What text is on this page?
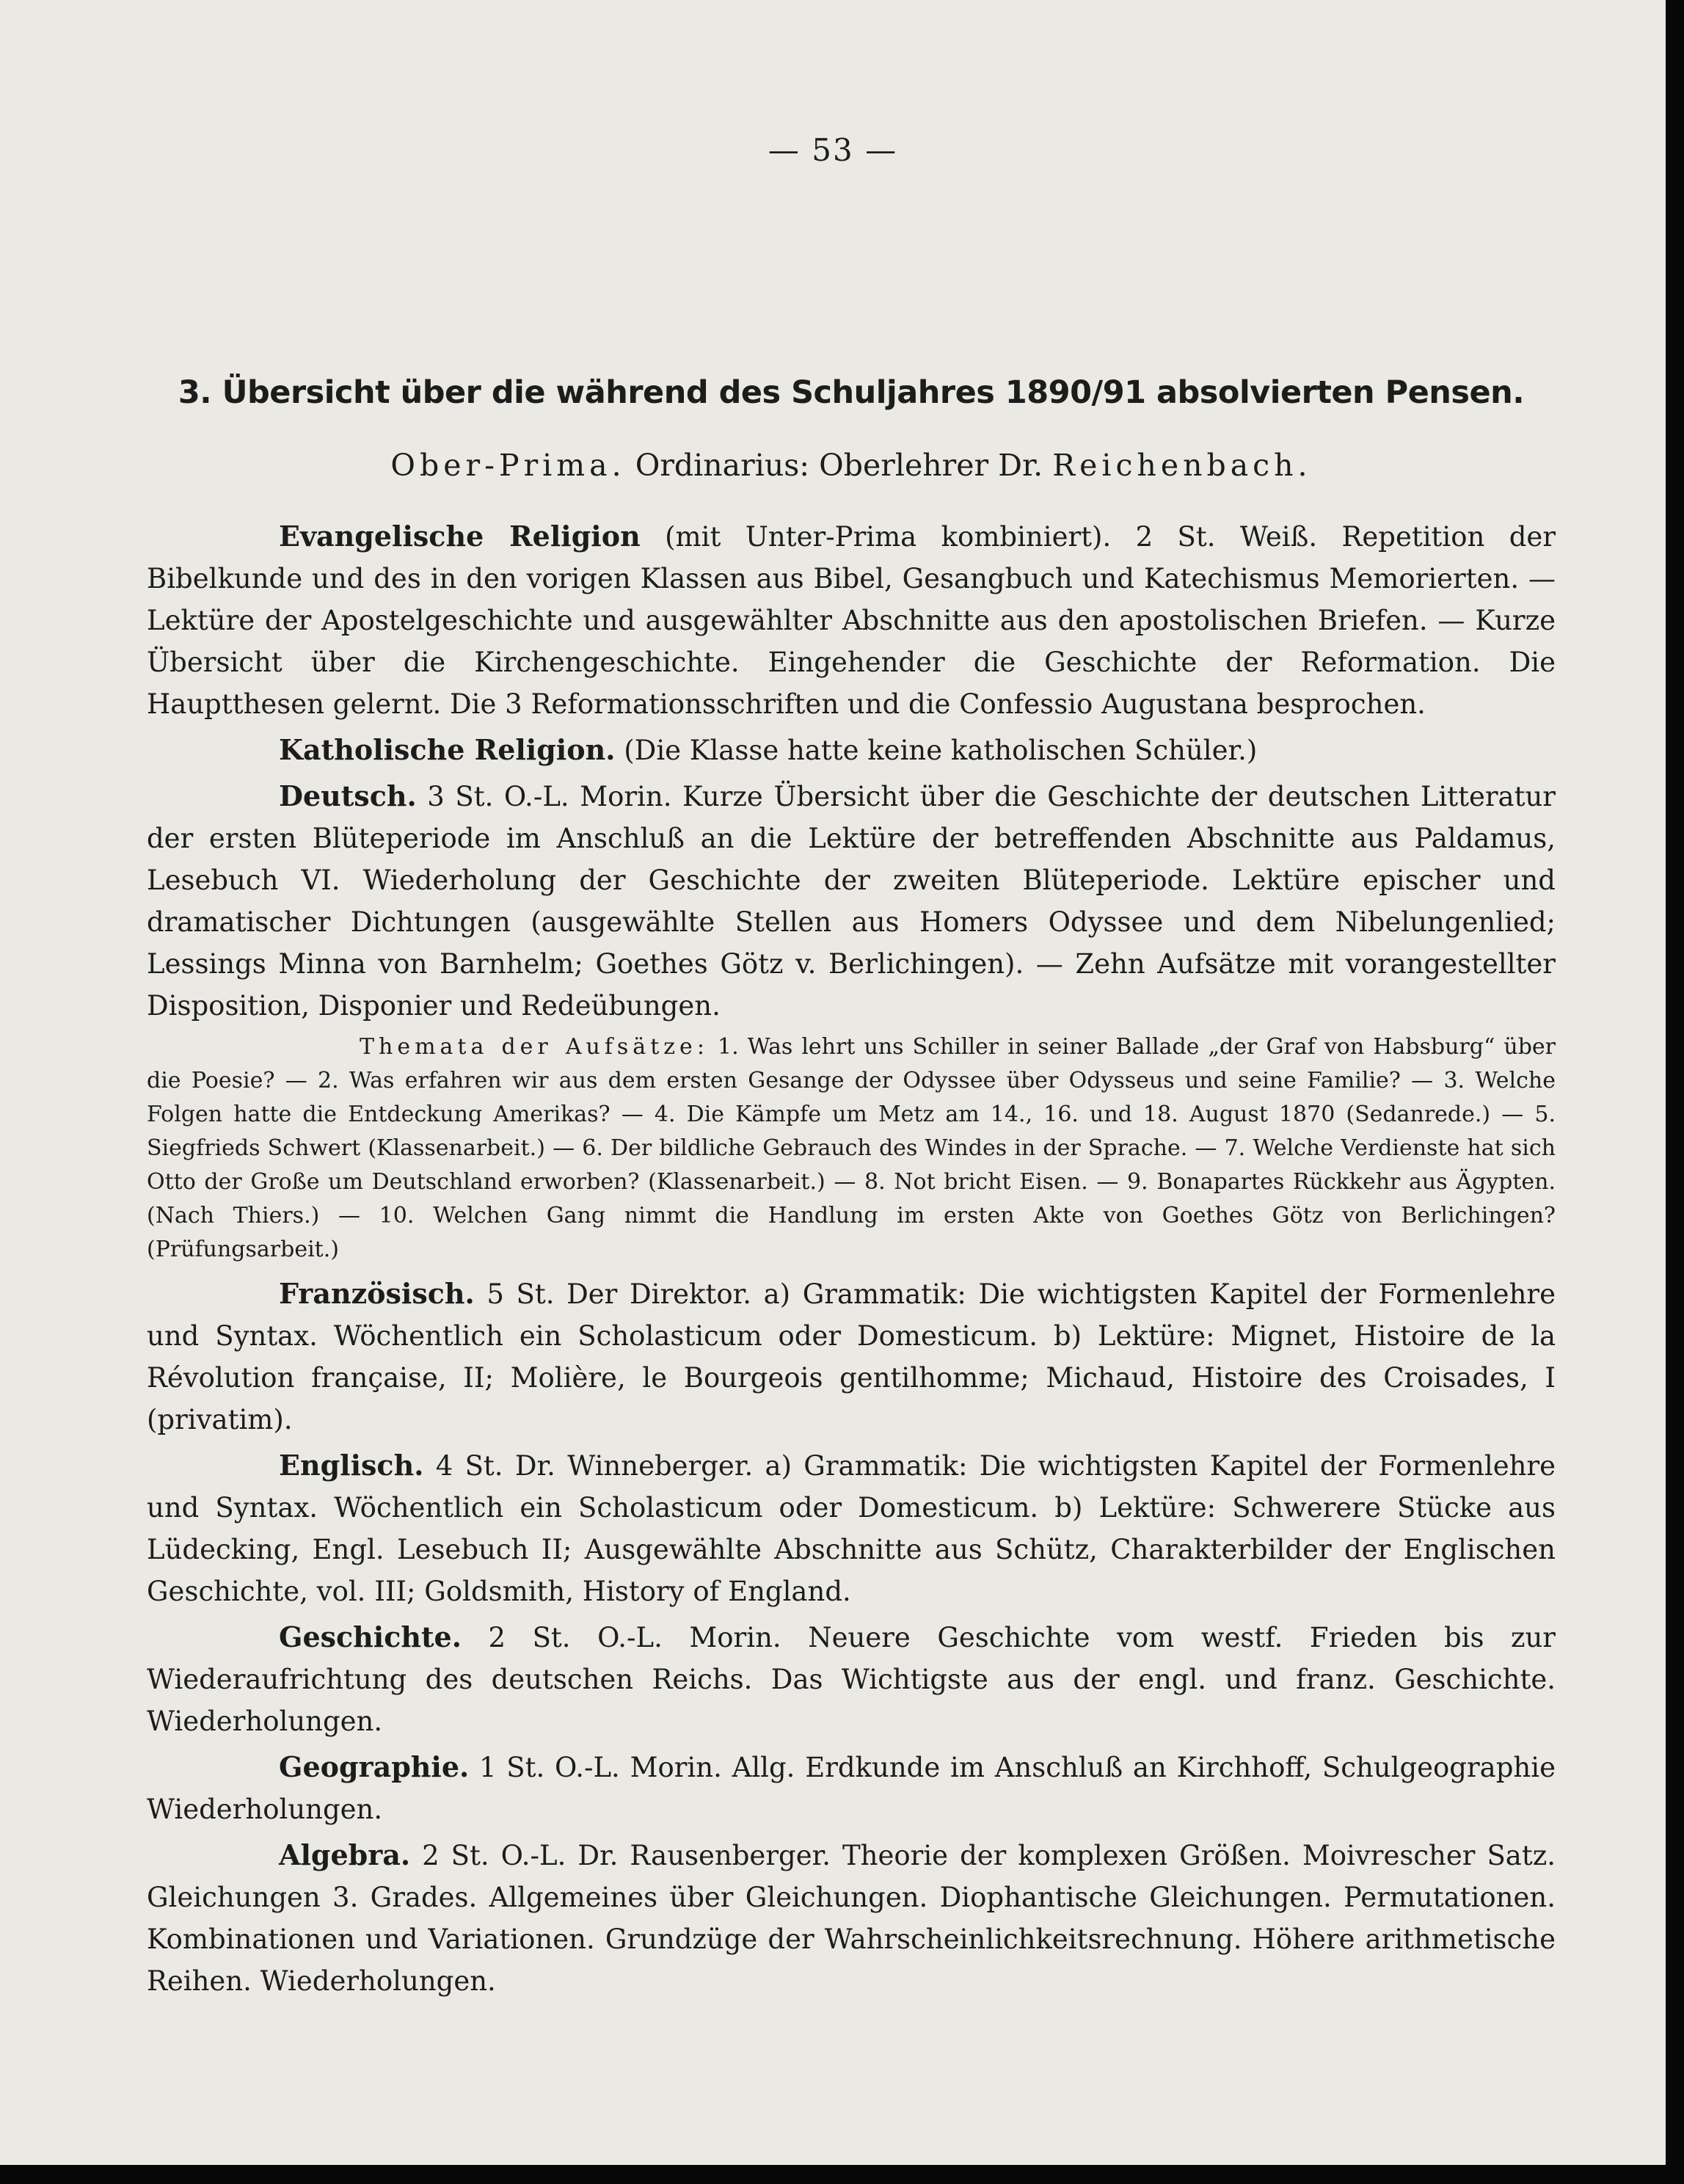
— 53 —
3. Übersicht über die während des Schuljahres 1890/91 absolvierten Pensen.
Ober-Prima. Ordinarius: Oberlehrer Dr. Reichenbach.

Evangelische Religion (mit Unter-Prima kombiniert). 2 St. Weiß. Repetition der Bibelkunde und des in den vorigen Klassen aus Bibel, Gesangbuch und Katechismus Memorierten. — Lektüre der Apostelgeschichte und ausgewählter Abschnitte aus den apostolischen Briefen. — Kurze Übersicht über die Kirchengeschichte. Eingehender die Geschichte der Reformation. Die Hauptthesen gelernt. Die 3 Reformationsschriften und die Confessio Augustana besprochen.

Katholische Religion. (Die Klasse hatte keine katholischen Schüler.)

Deutsch. 3 St. O.-L. Morin. Kurze Übersicht über die Geschichte der deutschen Litteratur der ersten Blüteperiode im Anschluß an die Lektüre der betreffenden Abschnitte aus Paldamus, Lesebuch VI. Wiederholung der Geschichte der zweiten Blüteperiode. Lektüre epischer und dramatischer Dichtungen (ausgewählte Stellen aus Homers Odyssee und dem Nibelungenlied; Lessings Minna von Barnhelm; Goethes Götz v. Berlichingen). — Zehn Aufsätze mit vorangestellter Disposition, Disponier und Redeübungen.

Themata der Aufsätze: 1. Was lehrt uns Schiller in seiner Ballade „der Graf von Habsburg“ über die Poesie? — 2. Was erfahren wir aus dem ersten Gesange der Odyssee über Odysseus und seine Familie? — 3. Welche Folgen hatte die Entdeckung Amerikas? — 4. Die Kämpfe um Metz am 14., 16. und 18. August 1870 (Sedanrede.) — 5. Siegfrieds Schwert (Klassenarbeit.) — 6. Der bildliche Gebrauch des Windes in der Sprache. — 7. Welche Verdienste hat sich Otto der Große um Deutschland erworben? (Klassenarbeit.) — 8. Not bricht Eisen. — 9. Bonapartes Rückkehr aus Ägypten. (Nach Thiers.) — 10. Welchen Gang nimmt die Handlung im ersten Akte von Goethes Götz von Berlichingen? (Prüfungsarbeit.)

Französisch. 5 St. Der Direktor. a) Grammatik: Die wichtigsten Kapitel der Formenlehre und Syntax. Wöchentlich ein Scholasticum oder Domesticum. b) Lektüre: Mignet, Histoire de la Révolution française, II; Molière, le Bourgeois gentilhomme; Michaud, Histoire des Croisades, I (privatim).

Englisch. 4 St. Dr. Winneberger. a) Grammatik: Die wichtigsten Kapitel der Formenlehre und Syntax. Wöchentlich ein Scholasticum oder Domesticum. b) Lektüre: Schwerere Stücke aus Lüdecking, Engl. Lesebuch II; Ausgewählte Abschnitte aus Schütz, Charakterbilder der Englischen Geschichte, vol. III; Goldsmith, History of England.

Geschichte. 2 St. O.-L. Morin. Neuere Geschichte vom westf. Frieden bis zur Wiederaufrichtung des deutschen Reichs. Das Wichtigste aus der engl. und franz. Geschichte. Wiederholungen.

Geographie. 1 St. O.-L. Morin. Allg. Erdkunde im Anschluß an Kirchhoff, Schulgeographie Wiederholungen.

Algebra. 2 St. O.-L. Dr. Rausenberger. Theorie der komplexen Größen. Moivrescher Satz. Gleichungen 3. Grades. Allgemeines über Gleichungen. Diophantische Gleichungen. Permutationen. Kombinationen und Variationen. Grundzüge der Wahrscheinlichkeitsrechnung. Höhere arithmetische Reihen. Wiederholungen.
